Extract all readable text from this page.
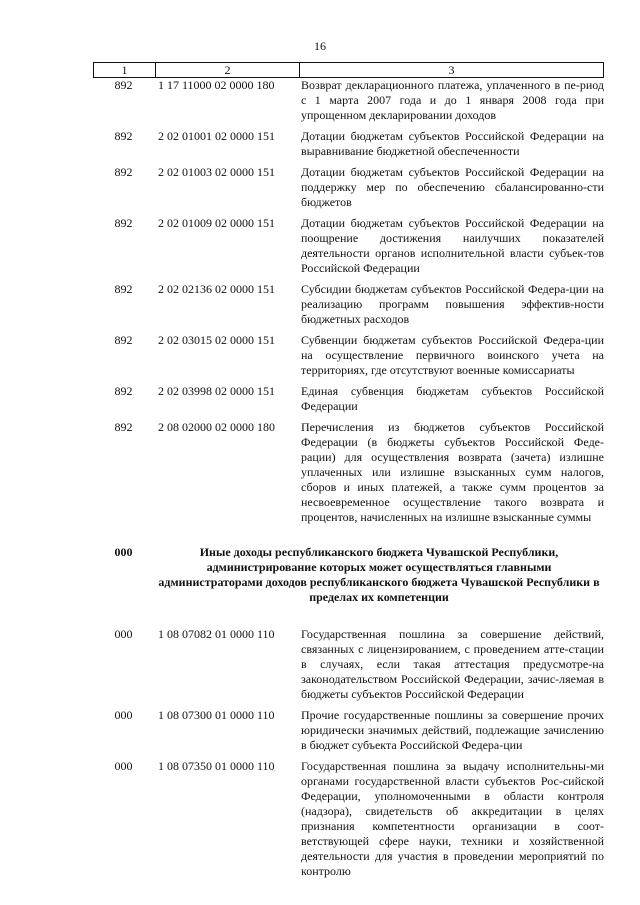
16
1	2	3
892	1 17 11000 02 0000 180	Возврат декларационного платежа, уплаченного в пе-риод с 1 марта 2007 года и до 1 января 2008 года при упрощенном декларировании доходов
892	2 02 01001 02 0000 151	Дотации бюджетам субъектов Российской Федерации на выравнивание бюджетной обеспеченности
892	2 02 01003 02 0000 151	Дотации бюджетам субъектов Российской Федерации на поддержку мер по обеспечению сбалансированно-сти бюджетов
892	2 02 01009 02 0000 151	Дотации бюджетам субъектов Российской Федерации на поощрение достижения наилучших показателей деятельности органов исполнительной власти субъек-тов Российской Федерации
892	2 02 02136 02 0000 151	Субсидии бюджетам субъектов Российской Федера-ции на реализацию программ повышения эффектив-ности бюджетных расходов
892	2 02 03015 02 0000 151	Субвенции бюджетам субъектов Российской Федера-ции на осуществление первичного воинского учета на территориях, где отсутствуют военные комиссариаты
892	2 02 03998 02 0000 151	Единая субвенция бюджетам субъектов Российской Федерации
892	2 08 02000 02 0000 180	Перечисления из бюджетов субъектов Российской Федерации (в бюджеты субъектов Российской Феде-рации) для осуществления возврата (зачета) излишне уплаченных или излишне взысканных сумм налогов, сборов и иных платежей, а также сумм процентов за несвоевременное осуществление такого возврата и процентов, начисленных на излишне взысканные суммы
000	Иные доходы республиканского бюджета Чувашской Республики, администрирование которых может осуществляться главными администраторами доходов республиканского бюджета Чувашской Республики в пределах их компетенции
000	1 08 07082 01 0000 110	Государственная пошлина за совершение действий, связанных с лицензированием, с проведением атте-стации в случаях, если такая аттестация предусмотре-на законодательством Российской Федерации, зачис-ляемая в бюджеты субъектов Российской Федерации
000	1 08 07300 01 0000 110	Прочие государственные пошлины за совершение прочих юридически значимых действий, подлежащие зачислению в бюджет субъекта Российской Федера-ции
000	1 08 07350 01 0000 110	Государственная пошлина за выдачу исполнительны-ми органами государственной власти субъектов Рос-сийской Федерации, уполномоченными в области контроля (надзора), свидетельств об аккредитации в целях признания компетентности организации в соот-ветствующей сфере науки, техники и хозяйственной деятельности для участия в проведении мероприятий по контролю
